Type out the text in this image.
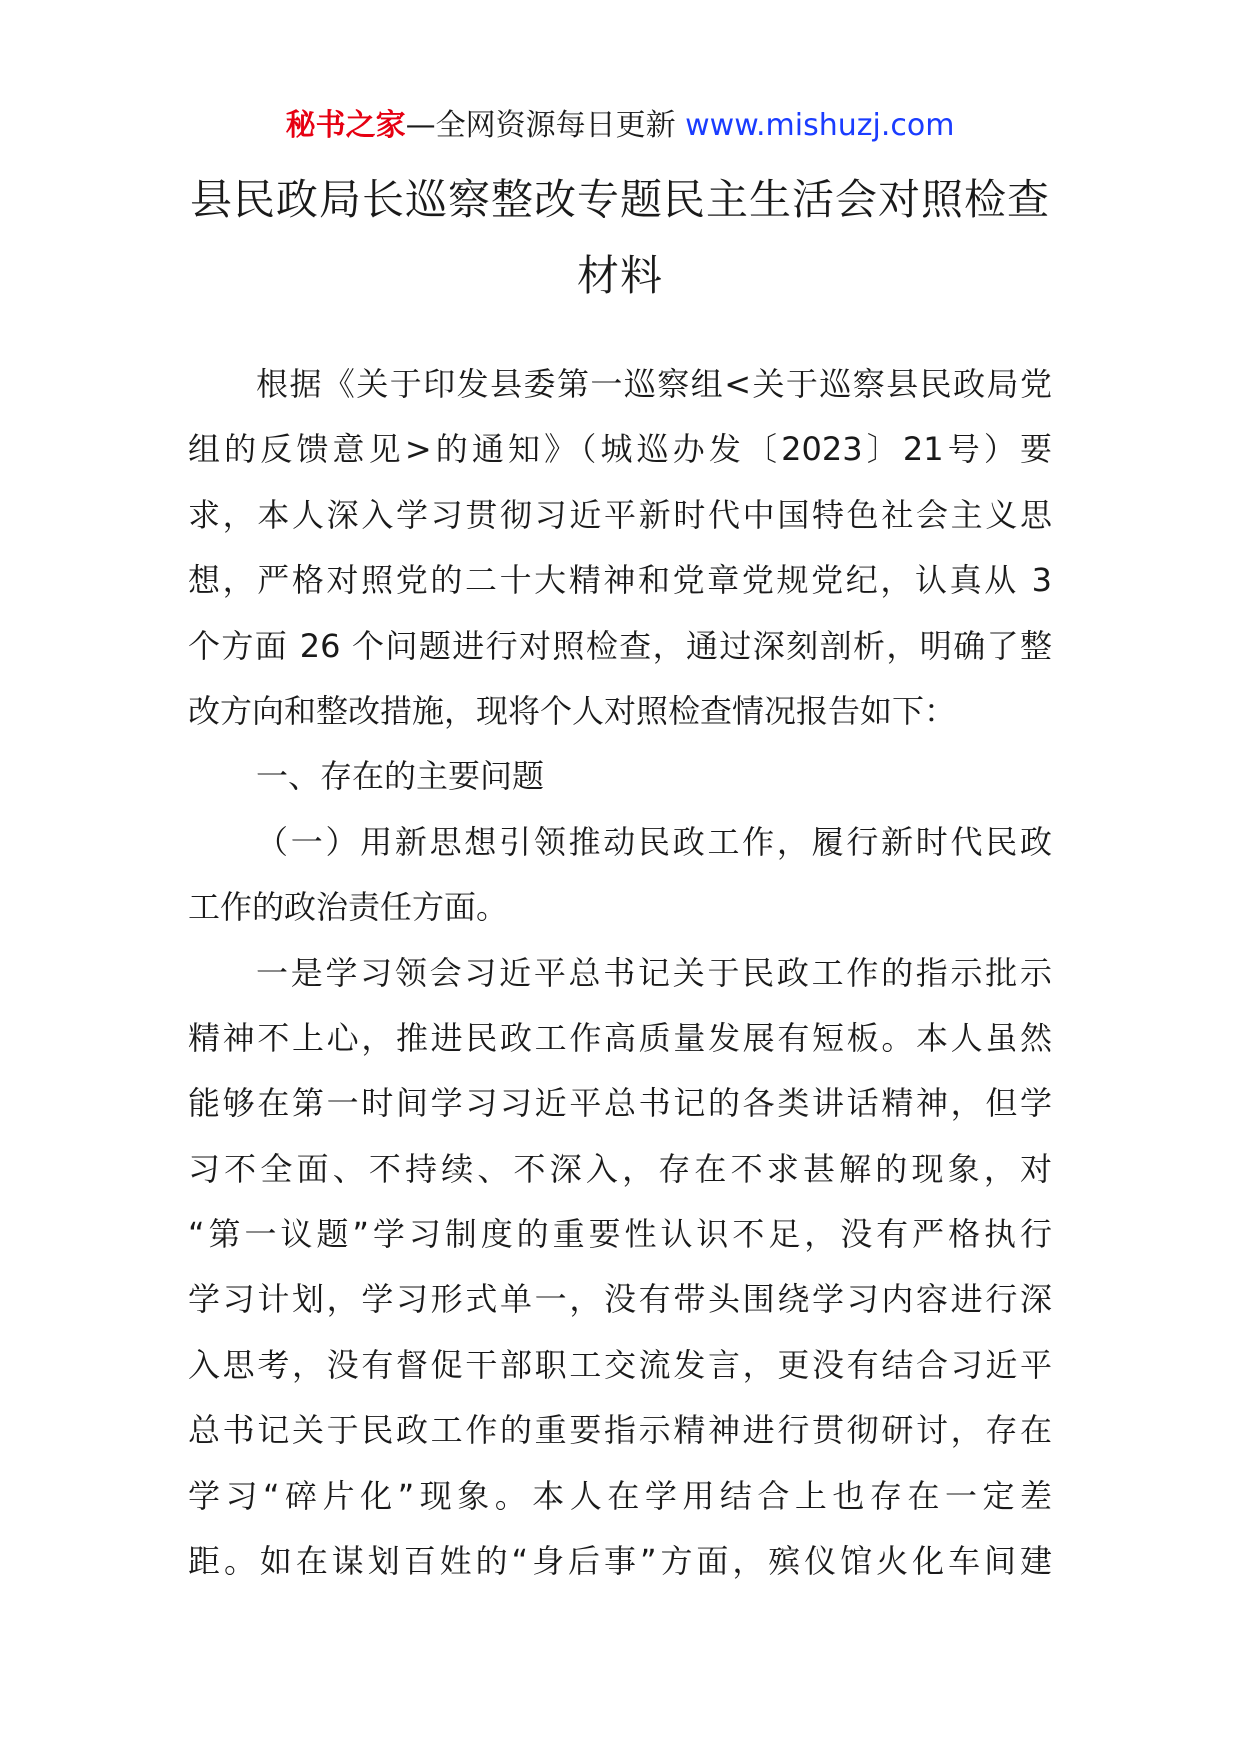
秘书之家—全网资源每日更新 www.mishuzj.com
县民政局长巡察整改专题民主生活会对照检查
材料
根据《关于印发县委第一巡察组<关于巡察县民政局党
组的反馈意见>的通知》（城巡办发〔2023〕21号）要
求，本人深入学习贯彻习近平新时代中国特色社会主义思
想，严格对照党的二十大精神和党章党规党纪，认真从 3
个方面 26 个问题进行对照检查，通过深刻剖析，明确了整
改方向和整改措施，现将个人对照检查情况报告如下：
一、存在的主要问题
（一）用新思想引领推动民政工作，履行新时代民政
工作的政治责任方面。
一是学习领会习近平总书记关于民政工作的指示批示
精神不上心，推进民政工作高质量发展有短板。本人虽然
能够在第一时间学习习近平总书记的各类讲话精神，但学
习不全面、不持续、不深入，存在不求甚解的现象，对
“第一议题”学习制度的重要性认识不足，没有严格执行
学习计划，学习形式单一，没有带头围绕学习内容进行深
入思考，没有督促干部职工交流发言，更没有结合习近平
总书记关于民政工作的重要指示精神进行贯彻研讨，存在
学习“碎片化”现象。本人在学用结合上也存在一定差
距。如在谋划百姓的“身后事”方面，殡仪馆火化车间建
